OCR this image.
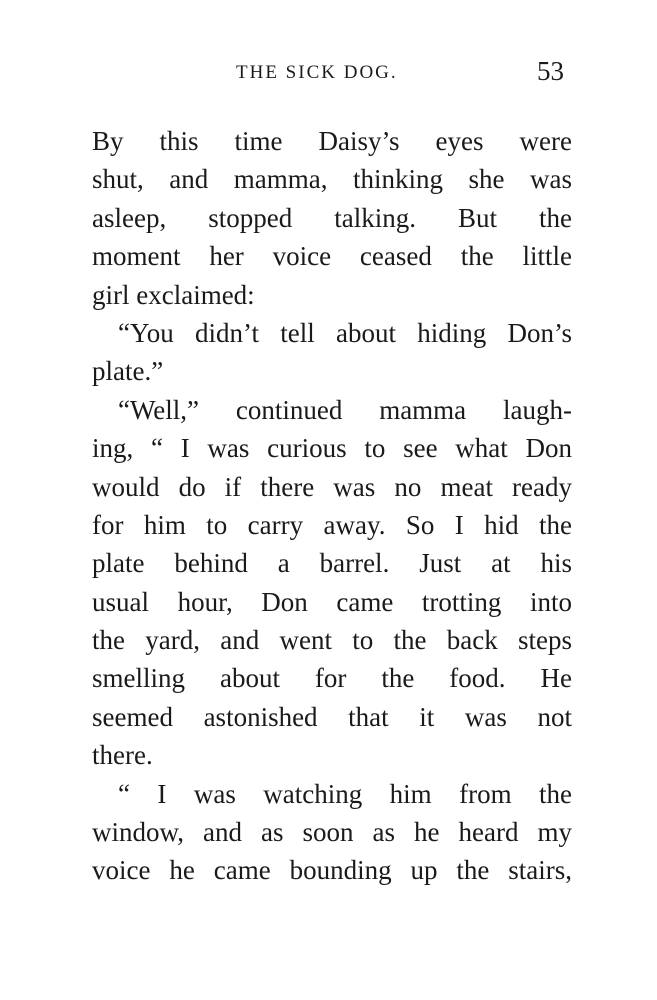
THE SICK DOG.	53
By this time Daisy’s eyes were
shut, and mamma, thinking she was
asleep, stopped talking. But the
moment her voice ceased the little
girl exclaimed:
“You didn’t tell about hiding Don’s
plate.”
“Well,” continued mamma laugh-
ing, “ I was curious to see what Don
would do if there was no meat ready
for him to carry away. So I hid the
plate behind a barrel. Just at his
usual hour, Don came trotting into
the yard, and went to the back steps
smelling about for the food. He
seemed astonished that it was not
there.
“ I was watching him from the
window, and as soon as he heard my
voice he came bounding up the stairs,
